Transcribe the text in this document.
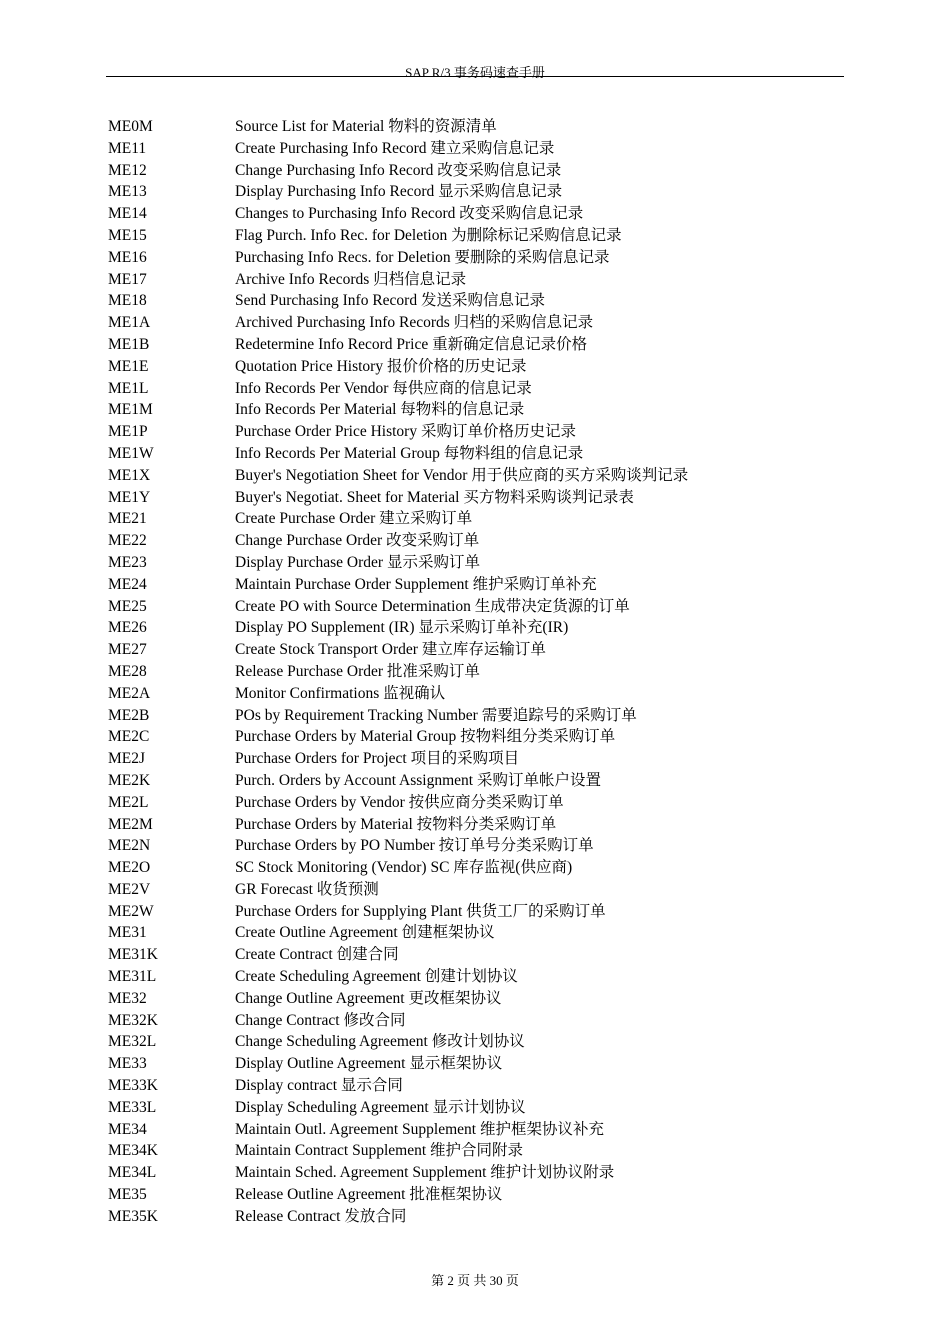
SAP R/3 事务码速查手册
ME0M	Source List for Material 物料的资源清单
ME11	Create Purchasing Info Record 建立采购信息记录
ME12	Change Purchasing Info Record 改变采购信息记录
ME13	Display Purchasing Info Record 显示采购信息记录
ME14	Changes to Purchasing Info Record 改变采购信息记录
ME15	Flag Purch. Info Rec. for Deletion 为删除标记采购信息记录
ME16	Purchasing Info Recs. for Deletion 要删除的采购信息记录
ME17	Archive Info Records 归档信息记录
ME18	Send Purchasing Info Record 发送采购信息记录
ME1A	Archived Purchasing Info Records 归档的采购信息记录
ME1B	Redetermine Info Record Price 重新确定信息记录价格
ME1E	Quotation Price History 报价价格的历史记录
ME1L	Info Records Per Vendor 每供应商的信息记录
ME1M	Info Records Per Material 每物料的信息记录
ME1P	Purchase Order Price History 采购订单价格历史记录
ME1W	Info Records Per Material Group 每物料组的信息记录
ME1X	Buyer's Negotiation Sheet for Vendor 用于供应商的买方采购谈判记录
ME1Y	Buyer's Negotiat. Sheet for Material 买方物料采购谈判记录表
ME21	Create Purchase Order 建立采购订单
ME22	Change Purchase Order 改变采购订单
ME23	Display Purchase Order 显示采购订单
ME24	Maintain Purchase Order Supplement 维护采购订单补充
ME25	Create PO with Source Determination 生成带决定货源的订单
ME26	Display PO Supplement (IR) 显示采购订单补充(IR)
ME27	Create Stock Transport Order 建立库存运输订单
ME28	Release Purchase Order 批准采购订单
ME2A	Monitor Confirmations 监视确认
ME2B	POs by Requirement Tracking Number 需要追踪号的采购订单
ME2C	Purchase Orders by Material Group 按物料组分类采购订单
ME2J	Purchase Orders for Project 项目的采购项目
ME2K	Purch. Orders by Account Assignment 采购订单帐户设置
ME2L	Purchase Orders by Vendor 按供应商分类采购订单
ME2M	Purchase Orders by Material 按物料分类采购订单
ME2N	Purchase Orders by PO Number 按订单号分类采购订单
ME2O	SC Stock Monitoring (Vendor) SC 库存监视(供应商)
ME2V	GR Forecast 收货预测
ME2W	Purchase Orders for Supplying Plant 供货工厂的采购订单
ME31	Create Outline Agreement 创建框架协议
ME31K	Create Contract 创建合同
ME31L	Create Scheduling Agreement 创建计划协议
ME32	Change Outline Agreement 更改框架协议
ME32K	Change Contract 修改合同
ME32L	Change Scheduling Agreement 修改计划协议
ME33	Display Outline Agreement 显示框架协议
ME33K	Display contract 显示合同
ME33L	Display Scheduling Agreement 显示计划协议
ME34	Maintain Outl. Agreement Supplement 维护框架协议补充
ME34K	Maintain Contract Supplement 维护合同附录
ME34L	Maintain Sched. Agreement Supplement 维护计划协议附录
ME35	Release Outline Agreement 批准框架协议
ME35K	Release Contract 发放合同
第 2 页 共 30 页
